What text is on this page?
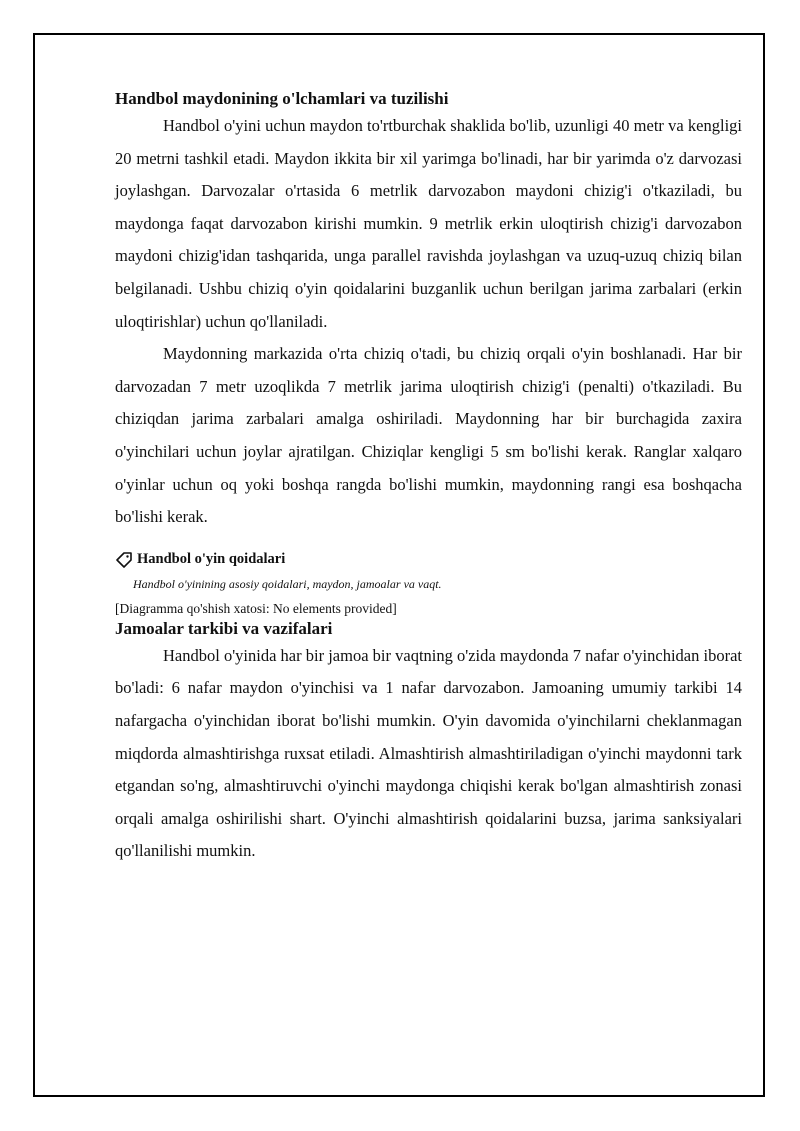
Handbol maydonining o'lchamlari va tuzilishi

Handbol o'yini uchun maydon to'rtburchak shaklida bo'lib, uzunligi 40 metr va kengligi 20 metrni tashkil etadi. Maydon ikkita bir xil yarimga bo'linadi, har bir yarimda o'z darvozasi joylashgan. Darvozalar o'rtasida 6 metrlik darvozabon maydoni chizig'i o'tkaziladi, bu maydonga faqat darvozabon kirishi mumkin. 9 metrlik erkin uloqtirish chizig'i darvozabon maydoni chizig'idan tashqarida, unga parallel ravishda joylashgan va uzuq-uzuq chiziq bilan belgilanadi. Ushbu chiziq o'yin qoidalarini buzganlik uchun berilgan jarima zarbalari (erkin uloqtirishlar) uchun qo'llaniladi.

Maydonning markazida o'rta chiziq o'tadi, bu chiziq orqali o'yin boshlanadi. Har bir darvozadan 7 metr uzoqlikda 7 metrlik jarima uloqtirish chizig'i (penalti) o'tkaziladi. Bu chiziqdan jarima zarbalari amalga oshiriladi. Maydonning har bir burchagida zaxira o'yinchilari uchun joylar ajratilgan. Chiziqlar kengligi 5 sm bo'lishi kerak. Ranglar xalqaro o'yinlar uchun oq yoki boshqa rangda bo'lishi mumkin, maydonning rangi esa boshqacha bo'lishi kerak.

Handbol o'yin qoidalari
Handbol o'yinining asosiy qoidalari, maydon, jamoalar va vaqt.
[Diagramma qo'shish xatosi: No elements provided]
Jamoalar tarkibi va vazifalari

Handbol o'yinida har bir jamoa bir vaqtning o'zida maydonda 7 nafar o'yinchidan iborat bo'ladi: 6 nafar maydon o'yinchisi va 1 nafar darvozabon. Jamoaning umumiy tarkibi 14 nafargacha o'yinchidan iborat bo'lishi mumkin. O'yin davomida o'yinchilarni cheklanmagan miqdorda almashtirishga ruxsat etiladi. Almashtirish almashtiriladigan o'yinchi maydonni tark etgandan so'ng, almashtiruvchi o'yinchi maydonga chiqishi kerak bo'lgan almashtirish zonasi orqali amalga oshirilishi shart. O'yinchi almashtirish qoidalarini buzsa, jarima sanksiyalari qo'llanilishi mumkin.
